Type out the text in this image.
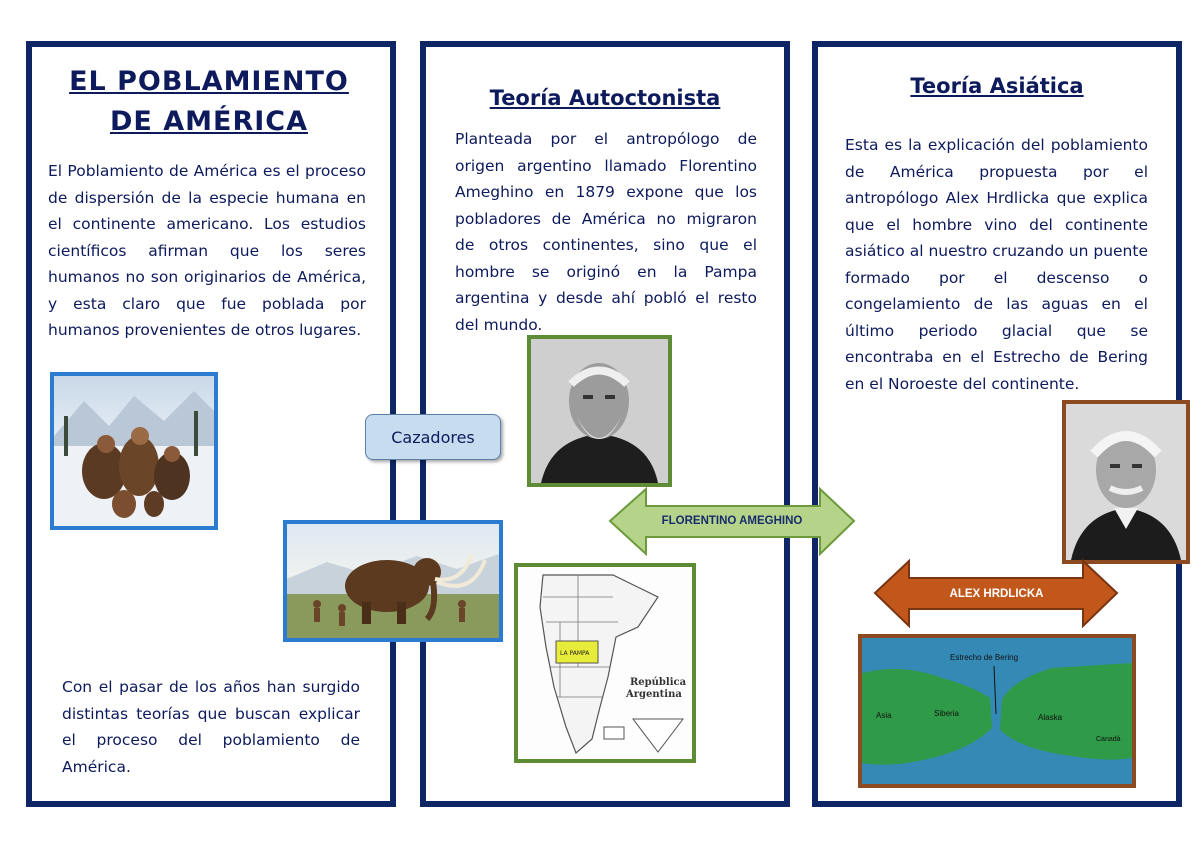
EL POBLAMIENTO DE AMÉRICA
El Poblamiento de América es el proceso de dispersión de la especie humana en el continente americano. Los estudios científicos afirman que los seres humanos no son originarios de América, y esta claro que fue poblada por humanos provenientes de otros lugares.
Con el pasar de los años han surgido distintas teorías que buscan explicar el proceso del poblamiento de América.
Cazadores
Teoría Autoctonista
Planteada por el antropólogo de origen argentino llamado Florentino Ameghino en 1879 expone que los pobladores de América no migraron de otros continentes, sino que el hombre se originó en la Pampa argentina y desde ahí pobló el resto del mundo.
FLORENTINO AMEGHINO
LA PAMPA
República
Argentina
Teoría Asiática
Esta es la explicación del poblamiento de América propuesta por el antropólogo Alex Hrdlicka que explica que el hombre vino del continente asiático al nuestro cruzando un puente formado por el descenso o congelamiento de las aguas en el último periodo glacial que se encontraba en el Estrecho de Bering en el Noroeste del continente.
ALEX HRDLICKA
Estrecho de Bering
Asia	Siberia	Alaska
Canadá
